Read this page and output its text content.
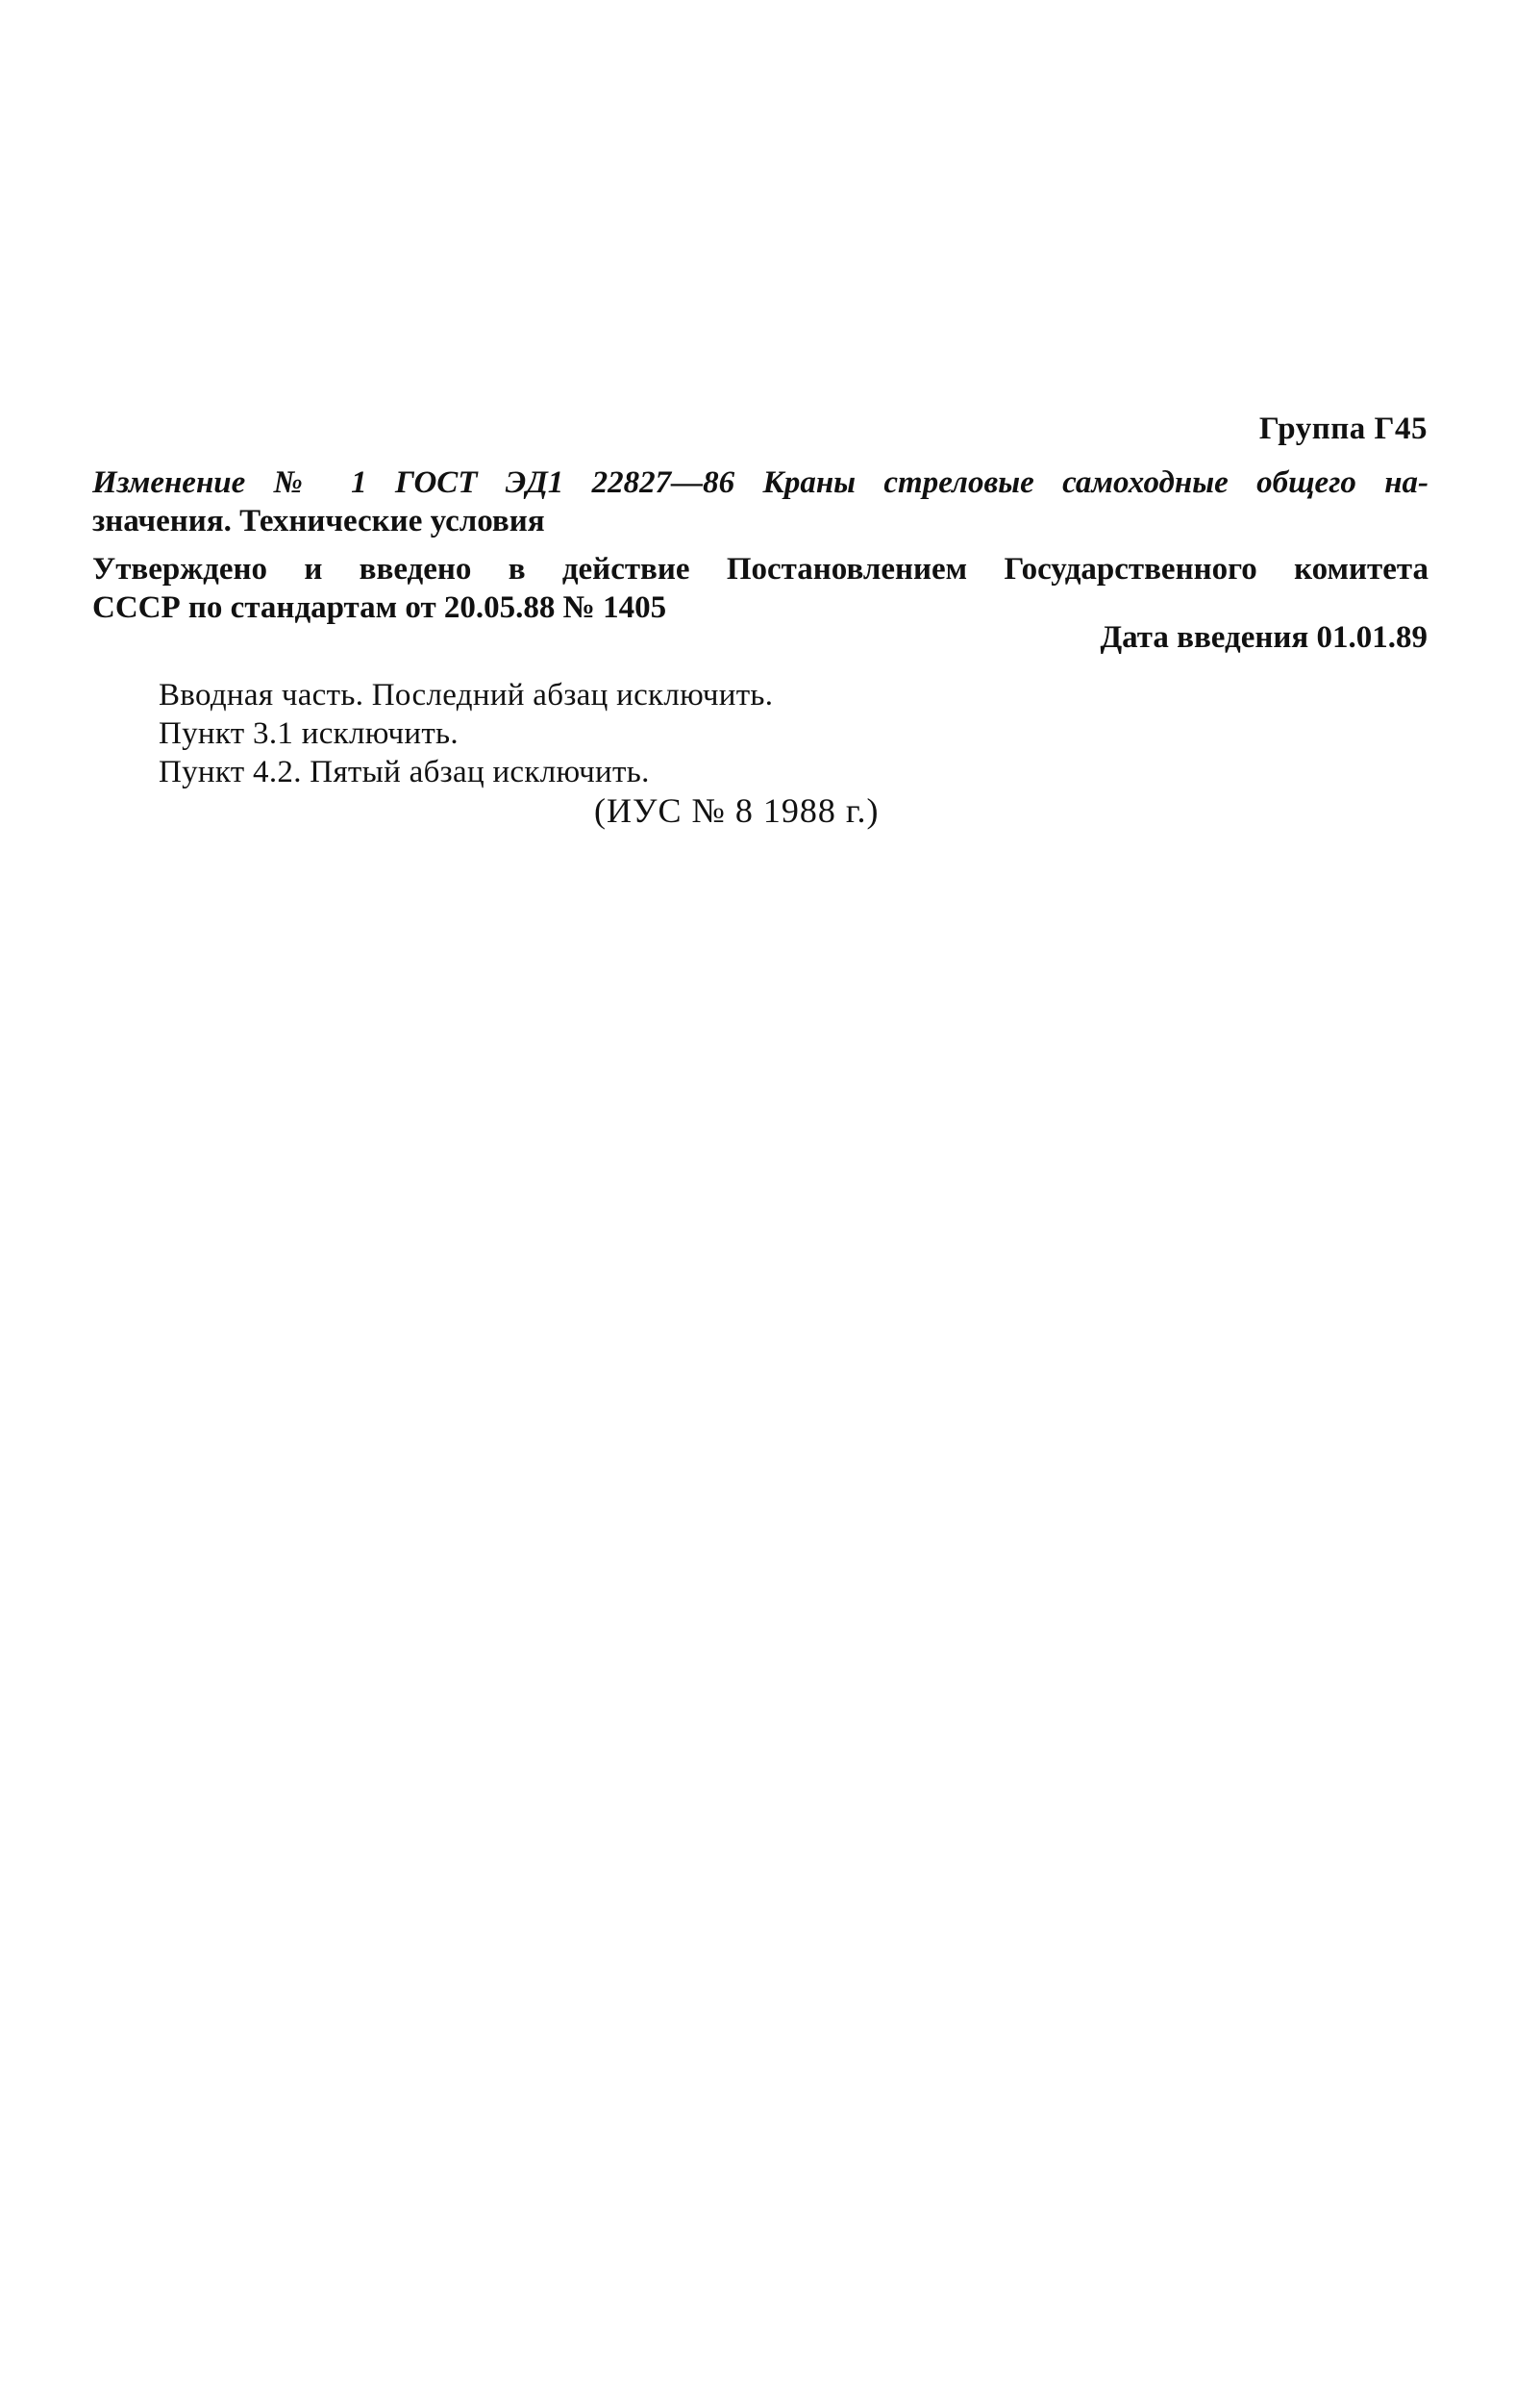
Группа Г45
Изменение № 1 ГОСТ ЭД1 22827—86 Краны стреловые самоходные общего на-
значения. Технические условия
Утверждено и введено в действие Постановлением Государственного комитета
СССР по стандартам от 20.05.88 № 1405
Дата введения 01.01.89
Вводная часть. Последний абзац исключить.
Пункт 3.1 исключить.
Пункт 4.2. Пятый абзац исключить.
(ИУС № 8 1988 г.)
